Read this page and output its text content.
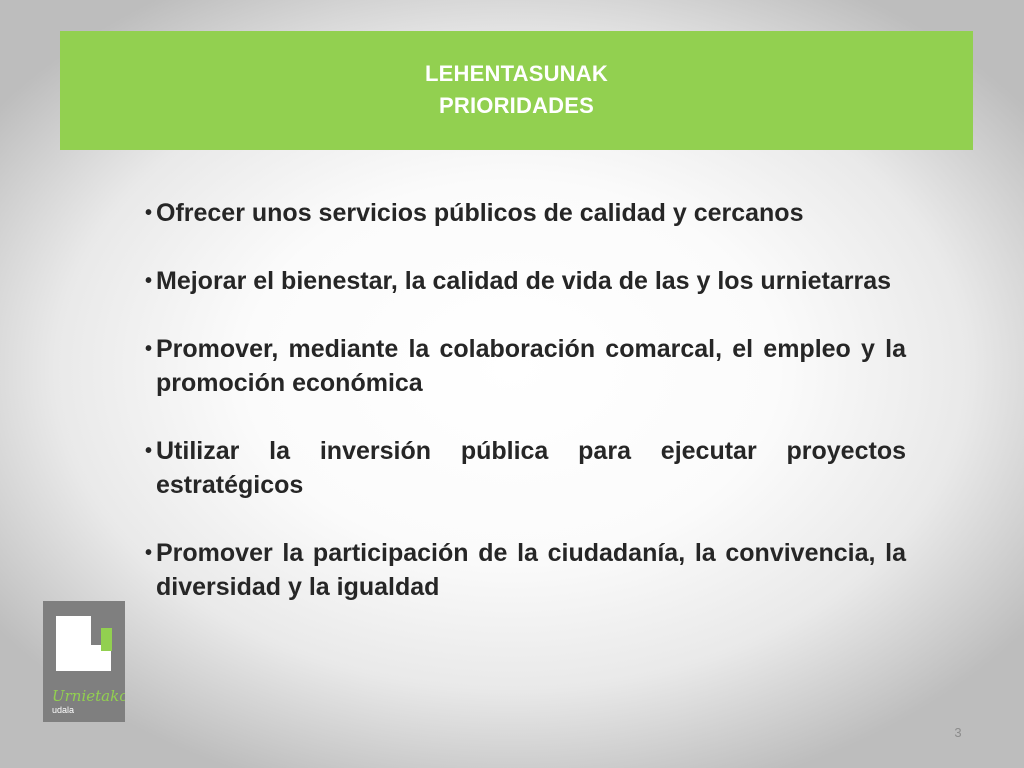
LEHENTASUNAK
PRIORIDADES
• Ofrecer unos servicios públicos de calidad y cercanos
• Mejorar el bienestar, la calidad de vida de las y los urnietarras
• Promover, mediante la colaboración comarcal, el empleo y la promoción económica
• Utilizar la inversión pública para ejecutar proyectos estratégicos
• Promover la participación de la ciudadanía, la convivencia, la diversidad y la igualdad
Urnietako
udala
3
